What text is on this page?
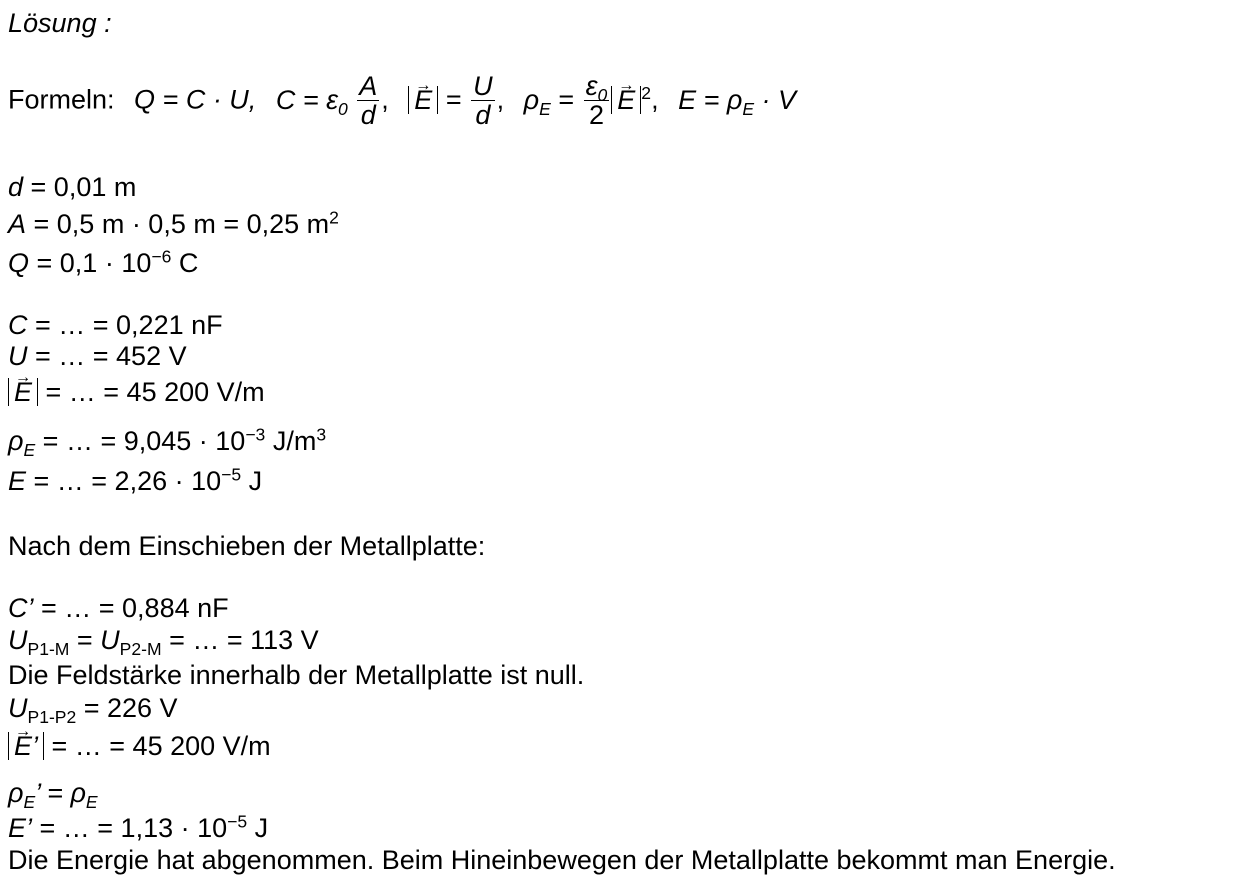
Lösung :
Formeln: Q = C · U, $C = \varepsilon_0 \frac{A}{d}$ , → $E = \frac{U}{d}$ , $\rho_E = \frac{\varepsilon_0}{2}$
→ E $^2$, $E = \rho_E \cdot V$
d = 0,01 m
A = 0,5 m · 0,5 m = 0,25 $m^2$
$Q = 0,1 \cdot 10^{-6}$ C
C = … = 0,221 nF
U = … = 452 V
→ E = … = 45 200 V/m
$\rho_E$ = … = $9,045 \cdot 10^{-3}$ $J/m^3$
E = … = $2,26 \cdot 10^{-5}$ J
Nach dem Einschieben der Metallplatte:
C’ = … = 0,884 nF
$U_{P1-M} = U_{P2-M}$ = … = 113 V
Die Feldstärke innerhalb der Metallplatte ist null.
$U_{P1-P2} = 226$ V
→ E’ = … = 45 200 V/m
$\rho_E$’ = $\rho_E$
E’ = … = $1,13 \cdot 10^{-5}$ J
Die Energie hat abgenommen. Beim Hineinbewegen der Metallplatte bekommt man Energie.
